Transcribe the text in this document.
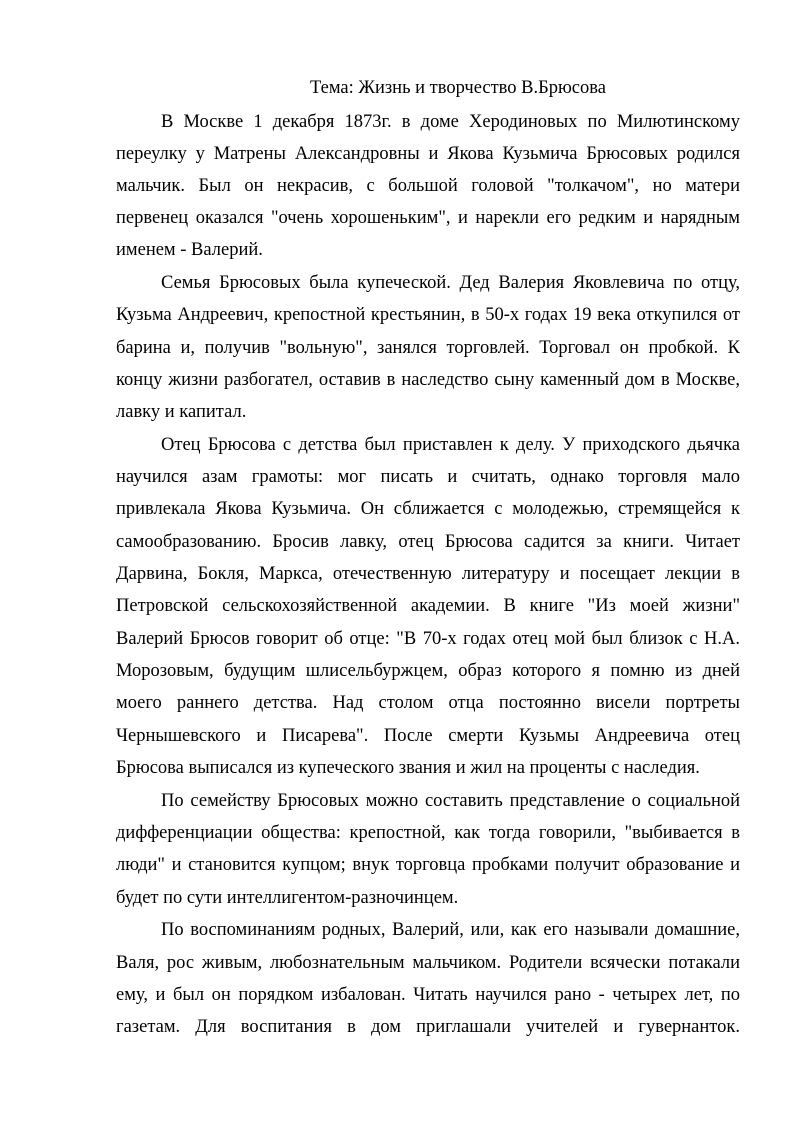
Тема: Жизнь и творчество В.Брюсова
В Москве 1 декабря 1873г. в доме Херодиновых по Милютинскому
переулку у Матрены Александровны и Якова Кузьмича Брюсовых родился
мальчик. Был он некрасив, с большой головой "толкачом", но матери
первенец оказался "очень хорошеньким", и нарекли его редким и нарядным
именем - Валерий.
Семья Брюсовых была купеческой. Дед Валерия Яковлевича по отцу,
Кузьма Андреевич, крепостной крестьянин, в 50-х годах 19 века откупился от
барина и, получив "вольную", занялся торговлей. Торговал он пробкой. К
концу жизни разбогател, оставив в наследство сыну каменный дом в Москве,
лавку и капитал.
Отец Брюсова с детства был приставлен к делу. У приходского дьячка
научился азам грамоты: мог писать и считать, однако торговля мало
привлекала Якова Кузьмича. Он сближается с молодежью, стремящейся к
самообразованию. Бросив лавку, отец Брюсова садится за книги. Читает
Дарвина, Бокля, Маркса, отечественную литературу и посещает лекции в
Петровской сельскохозяйственной академии. В книге "Из моей жизни"
Валерий Брюсов говорит об отце: "В 70-х годах отец мой был близок с Н.А.
Морозовым, будущим шлисельбуржцем, образ которого я помню из дней
моего раннего детства. Над столом отца постоянно висели портреты
Чернышевского и Писарева". После смерти Кузьмы Андреевича отец
Брюсова выписался из купеческого звания и жил на проценты с наследия.
По семейству Брюсовых можно составить представление о социальной
дифференциации общества: крепостной, как тогда говорили, "выбивается в
люди" и становится купцом; внук торговца пробками получит образование и
будет по сути интеллигентом-разночинцем.
По воспоминаниям родных, Валерий, или, как его называли домашние,
Валя, рос живым, любознательным мальчиком. Родители всячески потакали
ему, и был он порядком избалован. Читать научился рано - четырех лет, по
газетам. Для воспитания в дом приглашали учителей и гувернанток.
